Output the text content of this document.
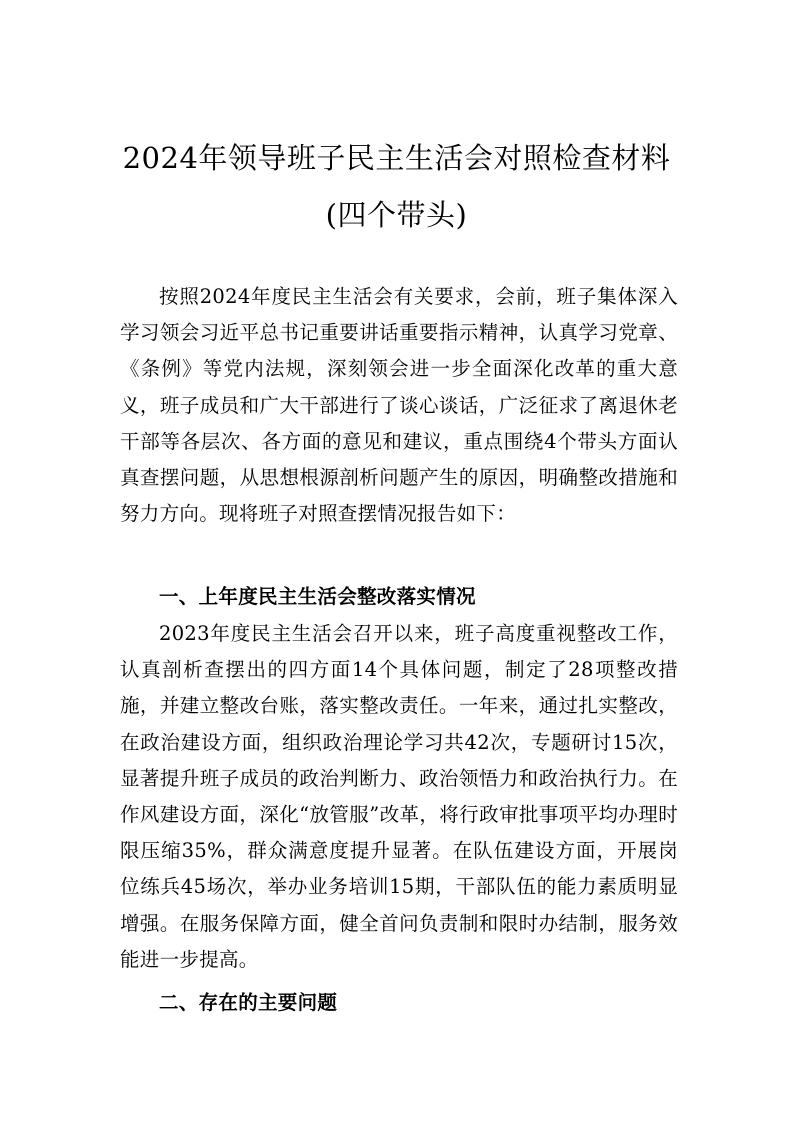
2024年领导班子民主生活会对照检查材料
(四个带头)

按照2024年度民主生活会有关要求，会前，班子集体深入学习领会习近平总书记重要讲话重要指示精神，认真学习党章、《条例》等党内法规，深刻领会进一步全面深化改革的重大意义，班子成员和广大干部进行了谈心谈话，广泛征求了离退休老干部等各层次、各方面的意见和建议，重点围绕4个带头方面认真查摆问题，从思想根源剖析问题产生的原因，明确整改措施和努力方向。现将班子对照查摆情况报告如下：

一、上年度民主生活会整改落实情况

2023年度民主生活会召开以来，班子高度重视整改工作，认真剖析查摆出的四方面14个具体问题，制定了28项整改措施，并建立整改台账，落实整改责任。一年来，通过扎实整改，在政治建设方面，组织政治理论学习共42次，专题研讨15次，显著提升班子成员的政治判断力、政治领悟力和政治执行力。在作风建设方面，深化“放管服”改革，将行政审批事项平均办理时限压缩35%，群众满意度提升显著。在队伍建设方面，开展岗位练兵45场次，举办业务培训15期，干部队伍的能力素质明显增强。在服务保障方面，健全首问负责制和限时办结制，服务效能进一步提高。

二、存在的主要问题
